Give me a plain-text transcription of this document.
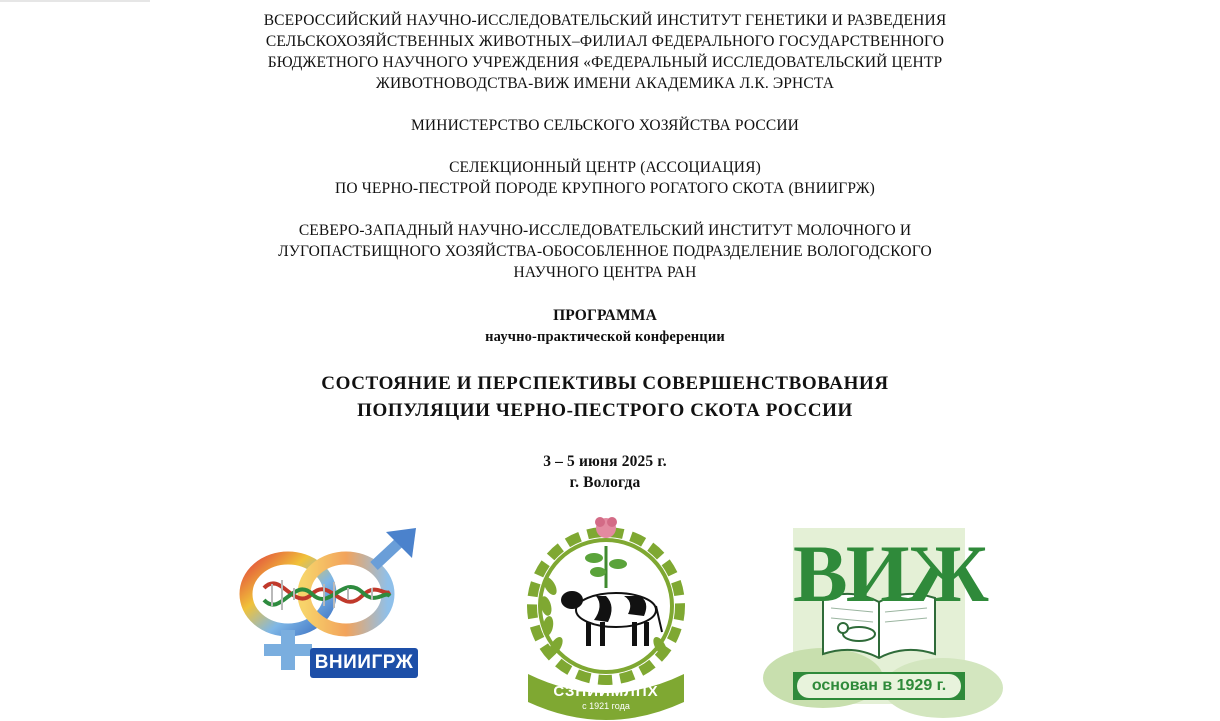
ВСЕРОССИЙСКИЙ НАУЧНО-ИССЛЕДОВАТЕЛЬСКИЙ ИНСТИТУТ ГЕНЕТИКИ И РАЗВЕДЕНИЯ
СЕЛЬСКОХОЗЯЙСТВЕННЫХ ЖИВОТНЫХ–ФИЛИАЛ ФЕДЕРАЛЬНОГО ГОСУДАРСТВЕННОГО
БЮДЖЕТНОГО НАУЧНОГО УЧРЕЖДЕНИЯ «ФЕДЕРАЛЬНЫЙ ИССЛЕДОВАТЕЛЬСКИЙ ЦЕНТР
ЖИВОТНОВОДСТВА-ВИЖ ИМЕНИ АКАДЕМИКА Л.К. ЭРНСТА
МИНИСТЕРСТВО СЕЛЬСКОГО ХОЗЯЙСТВА РОССИИ
СЕЛЕКЦИОННЫЙ ЦЕНТР (АССОЦИАЦИЯ)
ПО ЧЕРНО-ПЕСТРОЙ ПОРОДЕ КРУПНОГО РОГАТОГО СКОТА (ВНИИГРЖ)
СЕВЕРО-ЗАПАДНЫЙ НАУЧНО-ИССЛЕДОВАТЕЛЬСКИЙ ИНСТИТУТ МОЛОЧНОГО И
ЛУГОПАСТБИЩНОГО ХОЗЯЙСТВА-ОБОСОБЛЕННОЕ ПОДРАЗДЕЛЕНИЕ ВОЛОГОДСКОГО
НАУЧНОГО ЦЕНТРА РАН
ПРОГРАММА
научно-практической конференции
СОСТОЯНИЕ И ПЕРСПЕКТИВЫ СОВЕРШЕНСТВОВАНИЯ
ПОПУЛЯЦИИ ЧЕРНО-ПЕСТРОГО СКОТА РОССИИ
3 – 5 июня 2025 г.
г. Вологда
ВНИИГРЖ
СЗНИИМЛПХ
с 1921 года
ВИЖ
основан в 1929 г.
